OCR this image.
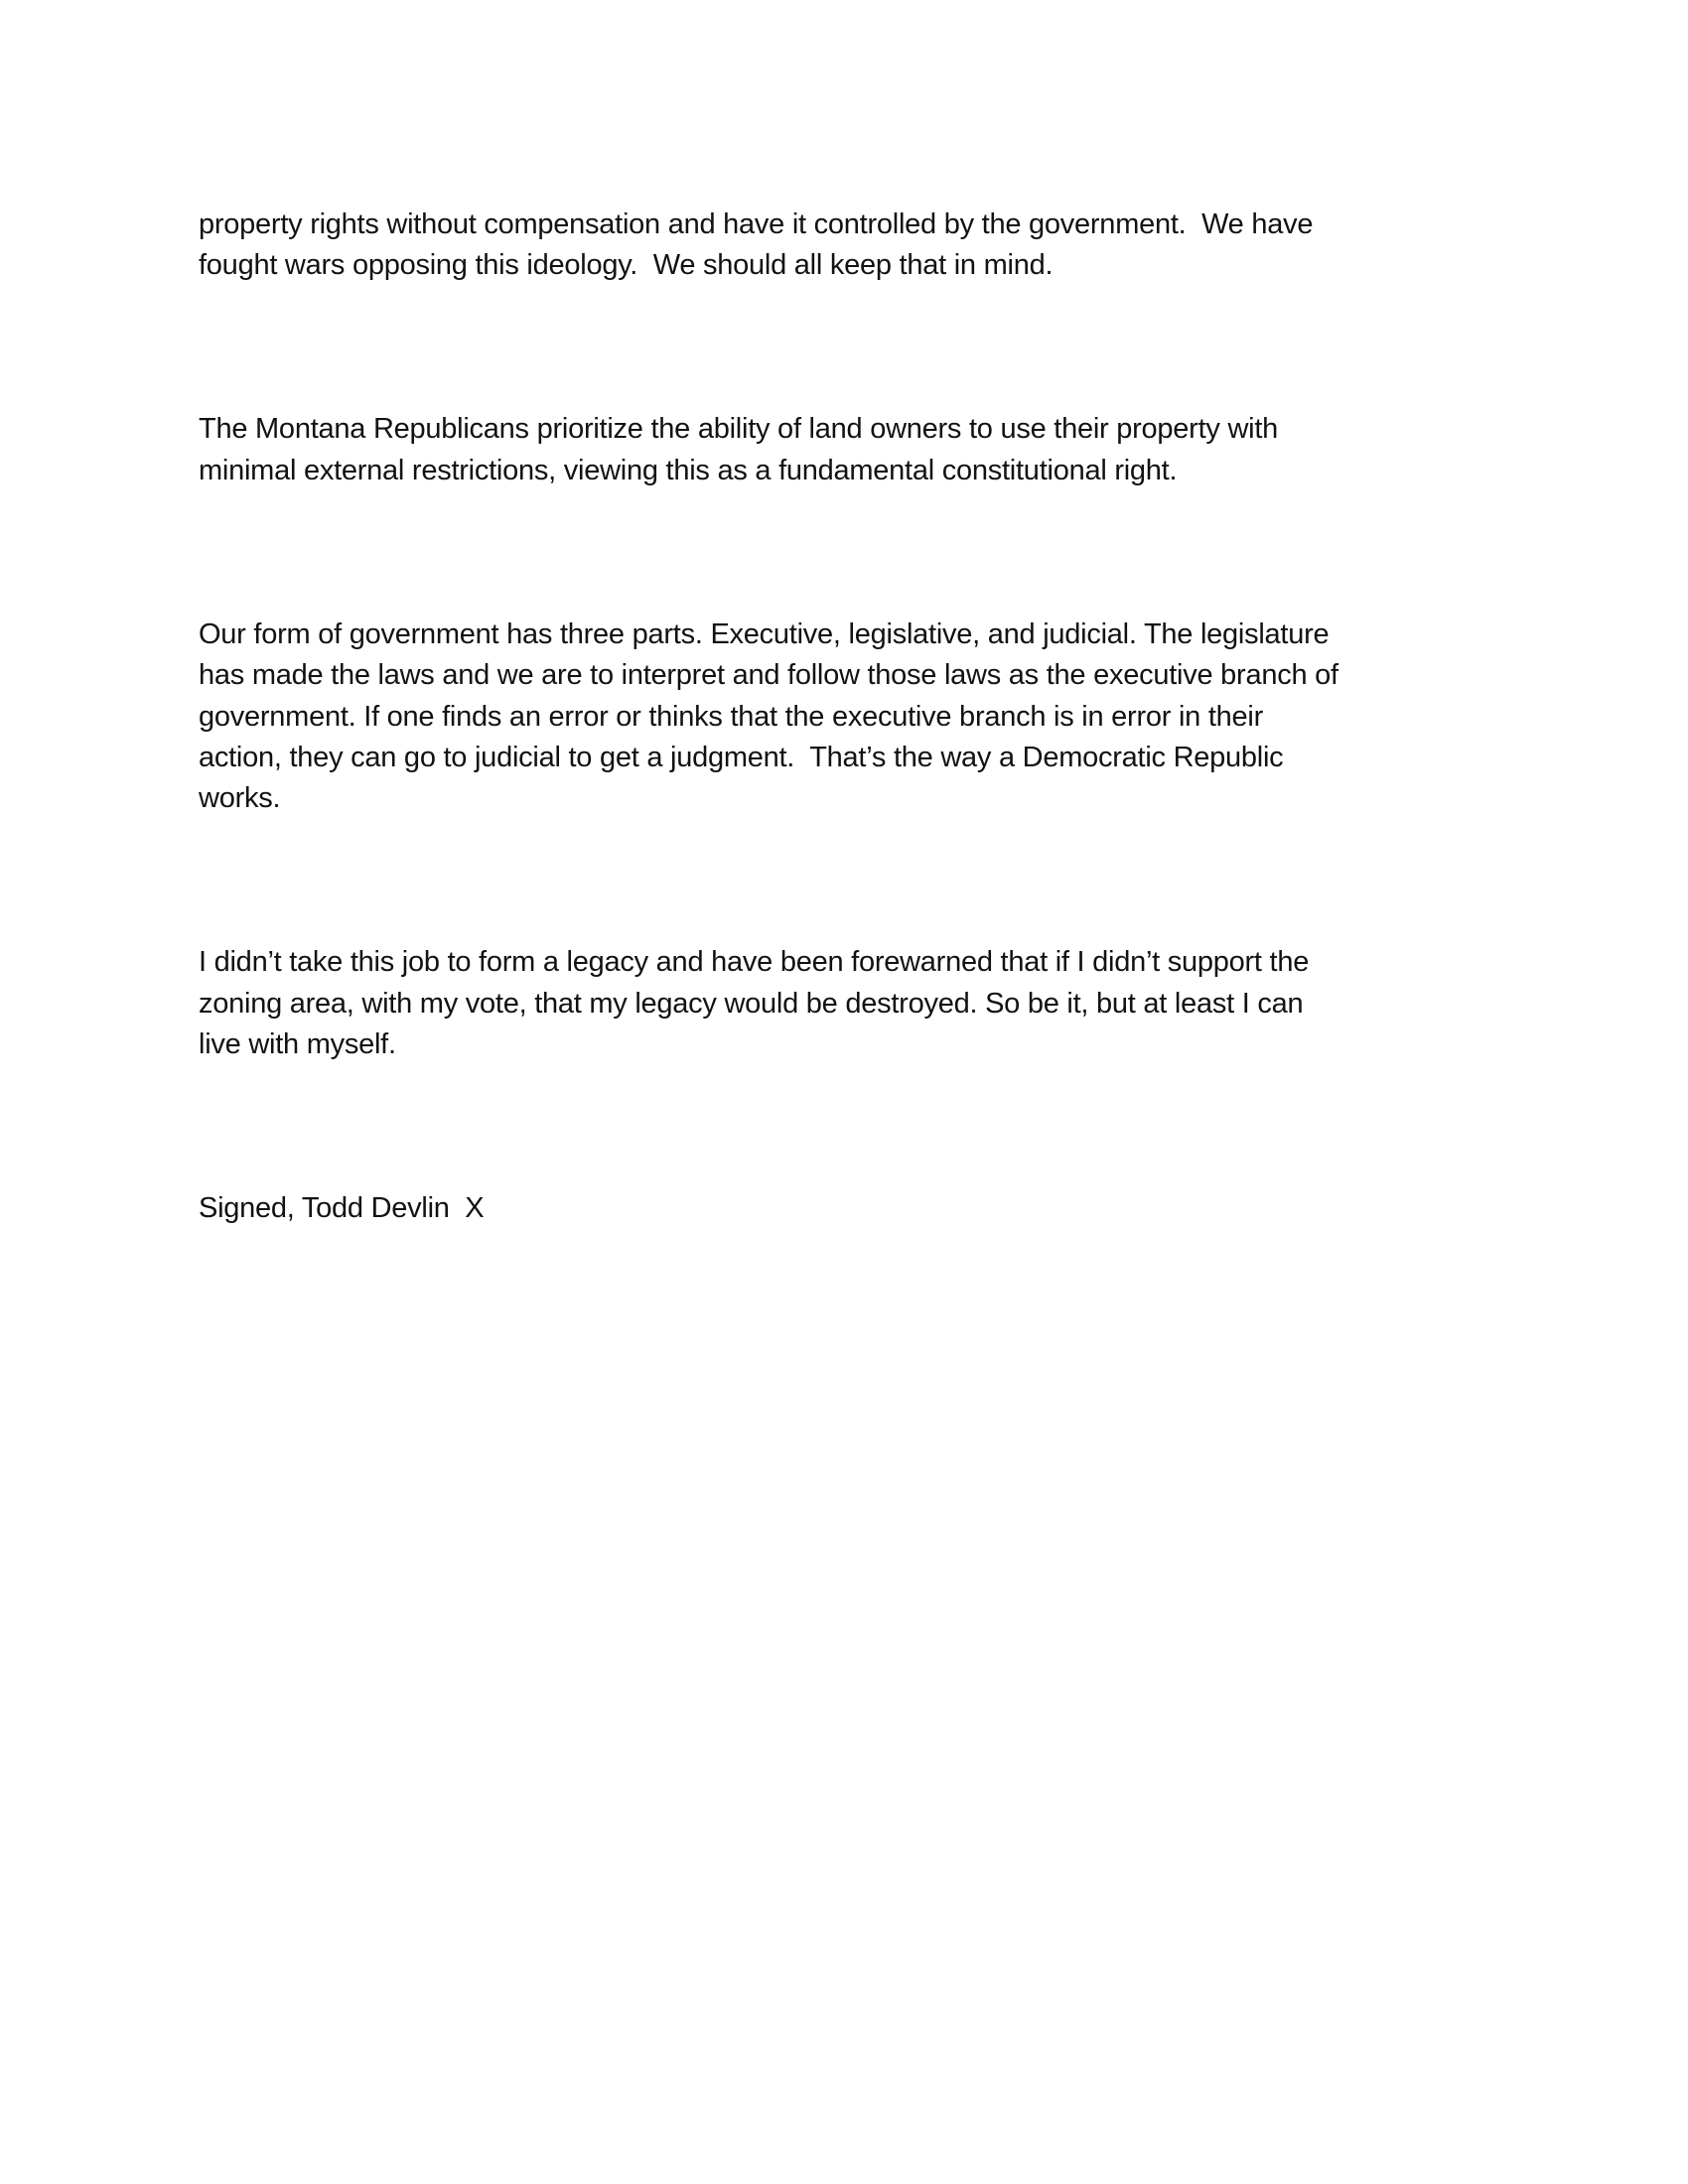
property rights without compensation and have it controlled by the government.  We have
fought wars opposing this ideology.  We should all keep that in mind.

The Montana Republicans prioritize the ability of land owners to use their property with
minimal external restrictions, viewing this as a fundamental constitutional right.

Our form of government has three parts. Executive, legislative, and judicial. The legislature
has made the laws and we are to interpret and follow those laws as the executive branch of
government. If one finds an error or thinks that the executive branch is in error in their
action, they can go to judicial to get a judgment.  That’s the way a Democratic Republic
works.

I didn’t take this job to form a legacy and have been forewarned that if I didn’t support the
zoning area, with my vote, that my legacy would be destroyed. So be it, but at least I can
live with myself.

Signed, Todd Devlin  X
